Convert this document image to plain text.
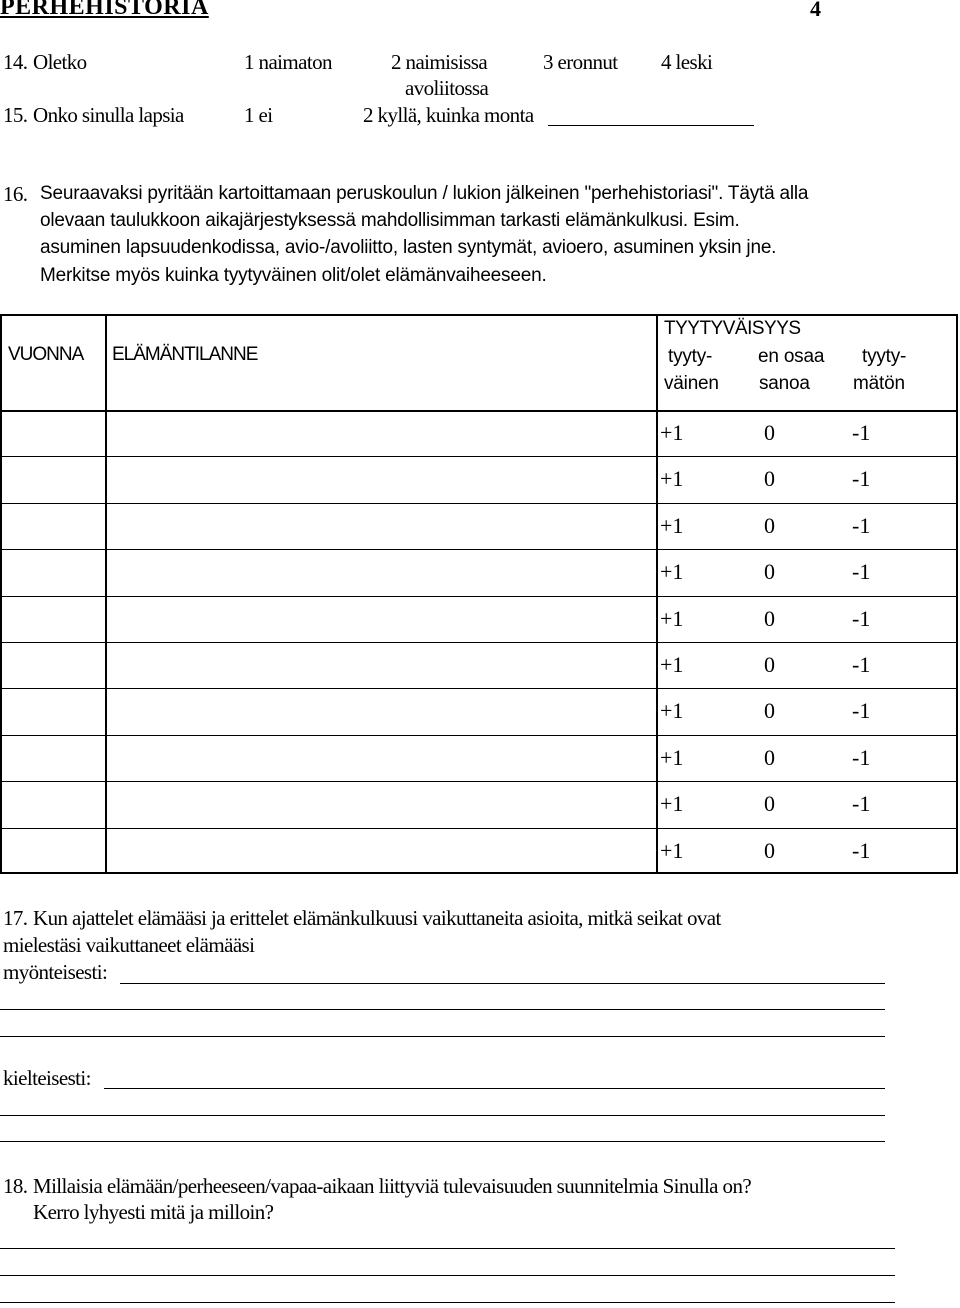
PERHEHISTORIA	4
14. Oletko	1 naimaton	2 naimisissa
avoliitossa
3 eronnut 4 leski
15. Onko sinulla lapsia	1 ei	2 kyllä, kuinka monta
16. Seuraavaksi pyritään kartoittamaan peruskoulun / lukion jälkeinen "perhehistoriasi". Täytä alla
olevaan taulukkoon aikajärjestyksessä mahdollisimman tarkasti elämänkulkusi. Esim.
asuminen lapsuudenkodissa, avio-/avoliitto, lasten syntymät, avioero, asuminen yksin jne.
Merkitse myös kuinka tyytyväinen olit/olet elämänvaiheeseen.
VUONNA ELÄMÄNTILANNE
TYYTYVÄISYYS
tyyty-
väinen
en osaa
sanoa
tyyty-
mätön
+1	0	-1
+1	0	-1
+1	0	-1
+1	0	-1
+1	0	-1
+1	0	-1
+1	0	-1
+1	0	-1
+1	0	-1
+1	0	-1
17. Kun ajattelet elämääsi ja erittelet elämänkulkuusi vaikuttaneita asioita, mitkä seikat ovat
mielestäsi vaikuttaneet elämääsi
myönteisesti:
kielteisesti:
18. Millaisia elämään/perheeseen/vapaa-aikaan liittyviä tulevaisuuden suunnitelmia Sinulla on?
Kerro lyhyesti mitä ja milloin?
